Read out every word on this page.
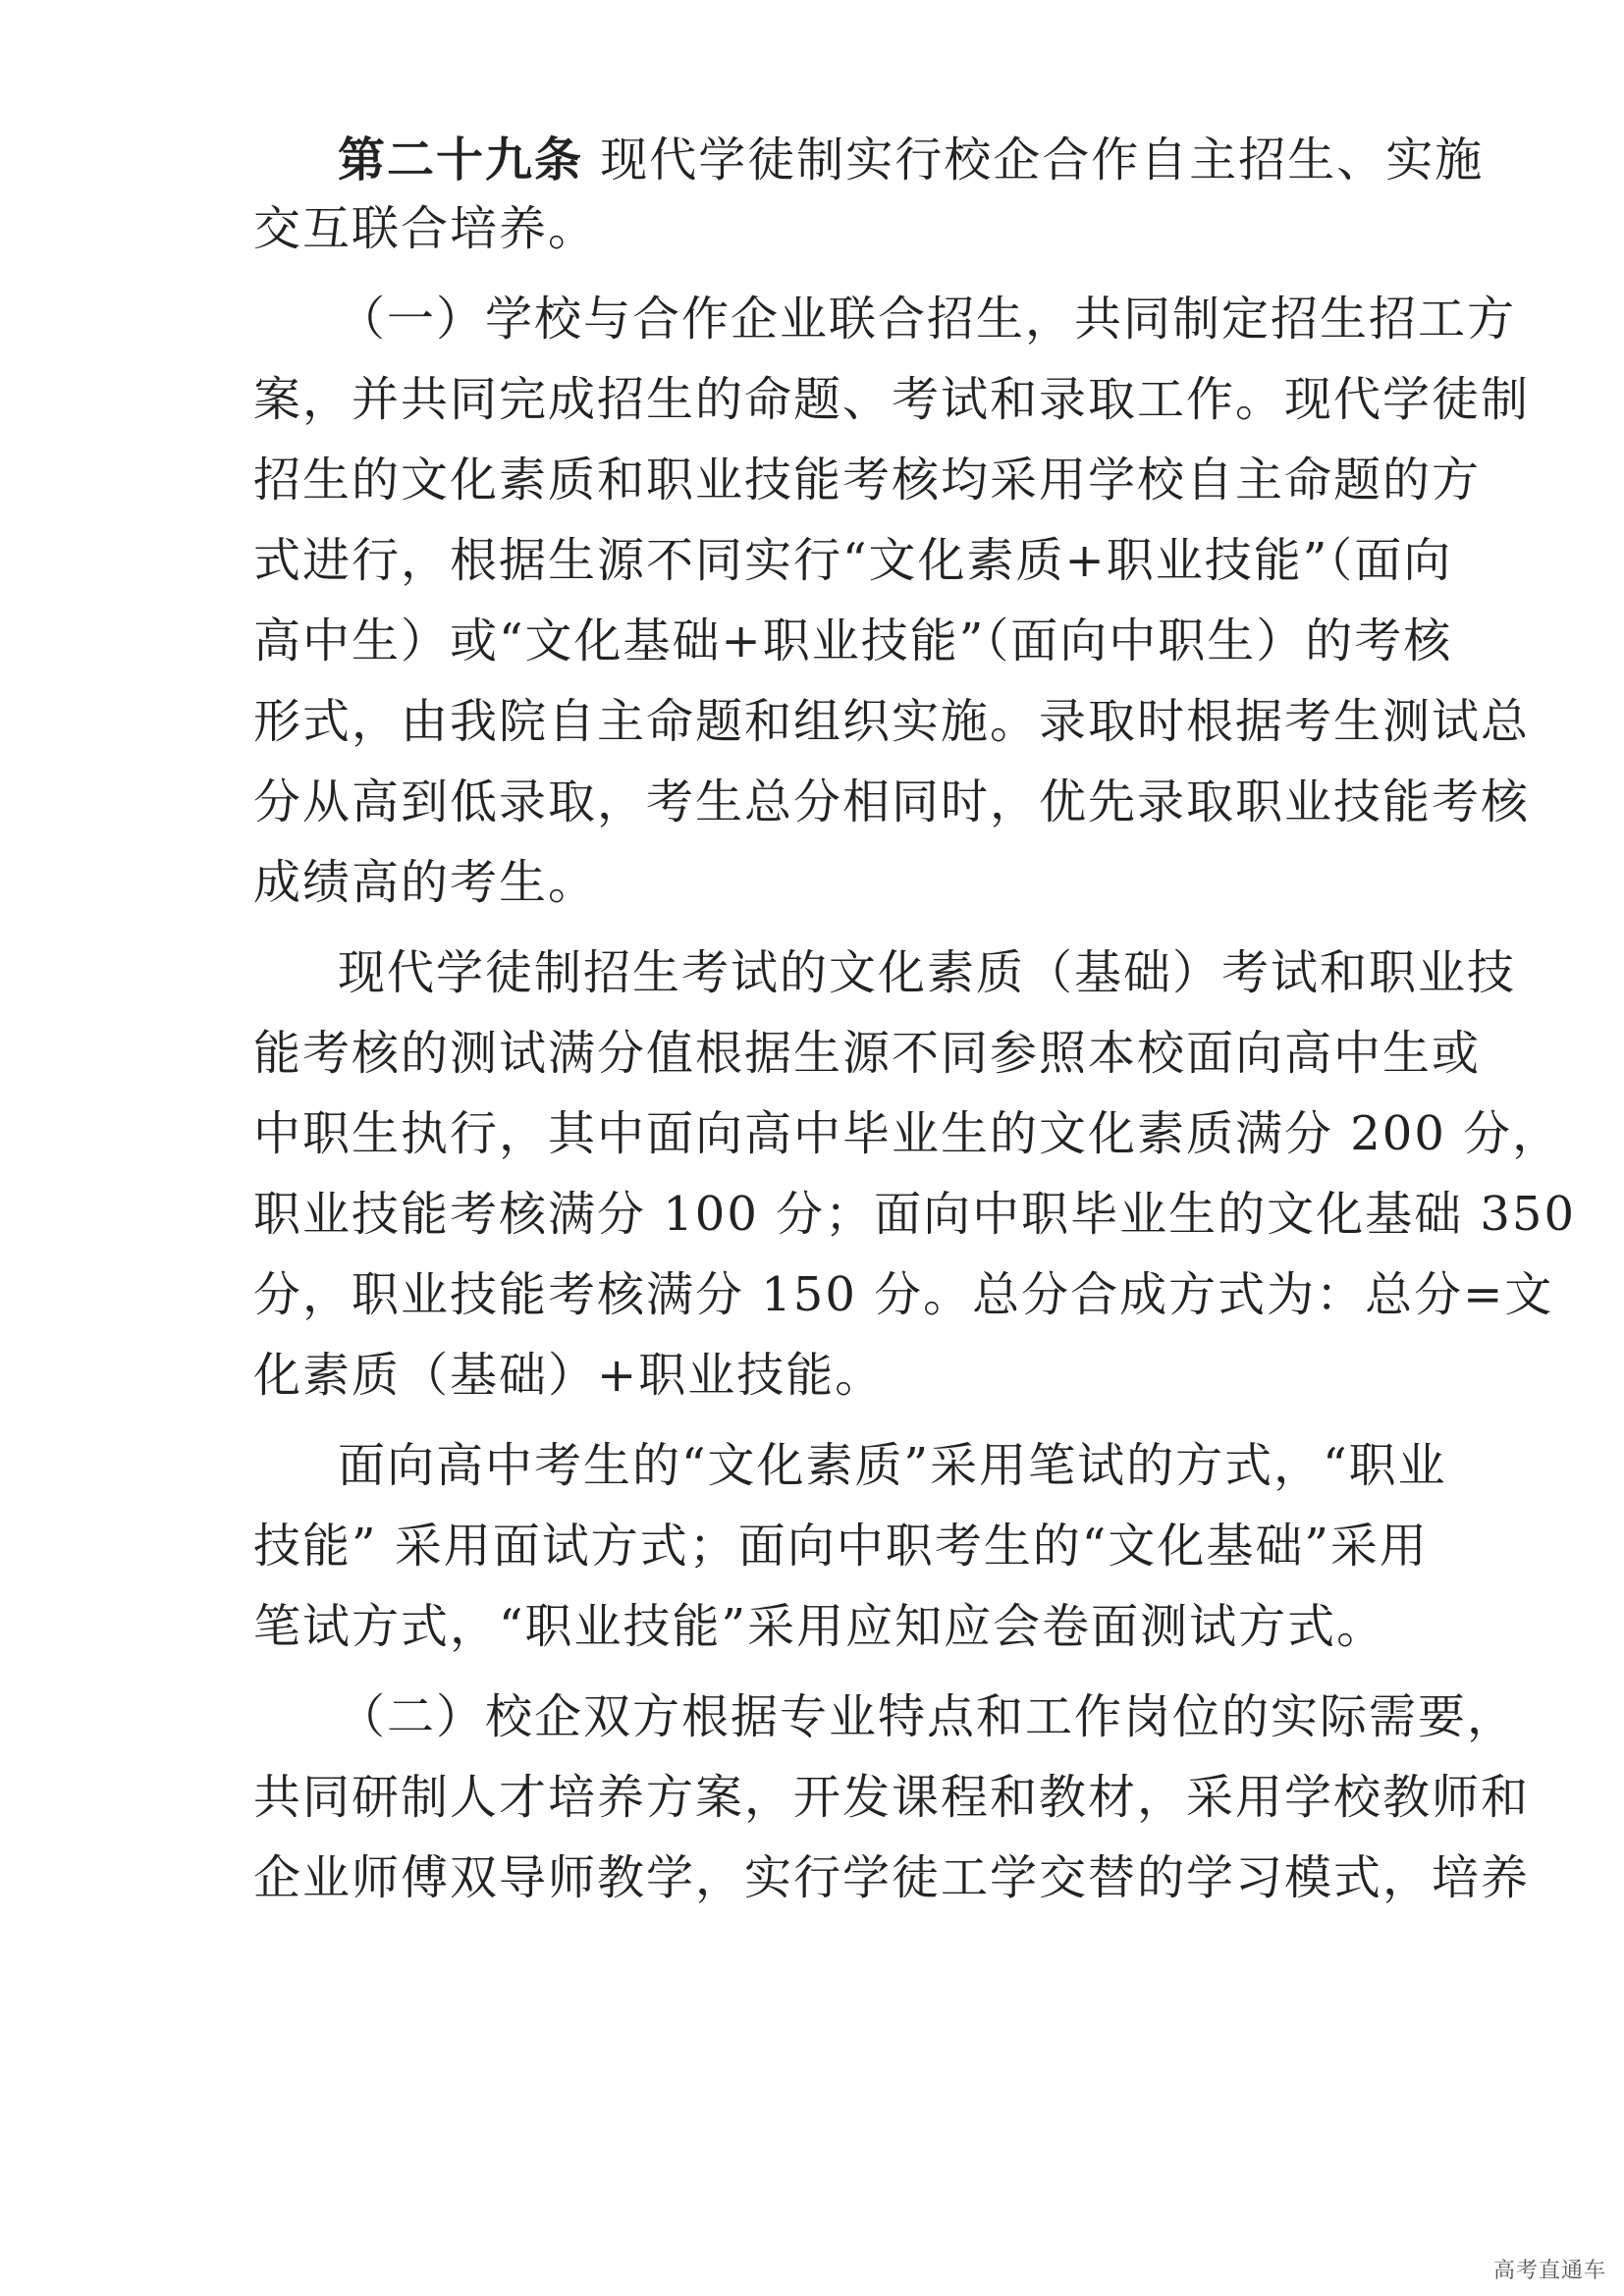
第二十九条 现代学徒制实行校企合作自主招生、实施
交互联合培养。
（一）学校与合作企业联合招生，共同制定招生招工方
案，并共同完成招生的命题、考试和录取工作。现代学徒制
招生的文化素质和职业技能考核均采用学校自主命题的方
式进行，根据生源不同实行“文化素质+职业技能”（面向
高中生）或“文化基础+职业技能”（面向中职生）的考核
形式，由我院自主命题和组织实施。录取时根据考生测试总
分从高到低录取，考生总分相同时，优先录取职业技能考核
成绩高的考生。
现代学徒制招生考试的文化素质（基础）考试和职业技
能考核的测试满分值根据生源不同参照本校面向高中生或
中职生执行，其中面向高中毕业生的文化素质满分 200 分，
职业技能考核满分 100 分；面向中职毕业生的文化基础 350
分，职业技能考核满分 150 分。总分合成方式为：总分=文
化素质（基础）+职业技能。
面向高中考生的“文化素质”采用笔试的方式，“职业
技能” 采用面试方式；面向中职考生的“文化基础”采用
笔试方式，“职业技能”采用应知应会卷面测试方式。
（二）校企双方根据专业特点和工作岗位的实际需要，
共同研制人才培养方案，开发课程和教材，采用学校教师和
企业师傅双导师教学，实行学徒工学交替的学习模式，培养
高考直通车
